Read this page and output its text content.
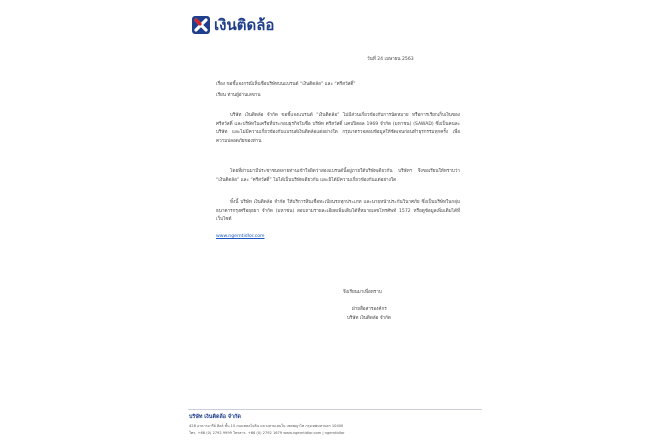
เงินติดล้อ
วันที่ 24 เมษายน 2563
เรื่อง ขอชี้แจงกรณีเห็นชื่อบริษัทบนแบรนด์ “เงินติดล้อ” และ “ศรีสวัสดิ์”
เรียน ท่านผู้อ่านเลขาน

บริษัท เงินติดล้อ จำกัด ขอชี้แจงแบรนด์ “เงินติดล้อ” ไม่มีส่วนเกี่ยวข้องกับการนัดหมาย หรือการเรียกเก็บเงินของศรีสวัสดิ์ และบริษัทในเครือที่ประกอบธุรกิจในชื่อ บริษัท ศรีสวัสดิ์ แคปปิตอล 1969 จำกัด (มหาชน) (SAWAD) ซึ่งเป็นคนละบริษัท และไม่มีความเกี่ยวข้องกับแบรนด์เงินติดล้อแต่อย่างใด กรุณาตรวจสอบข้อมูลให้ชัดเจนก่อนทำธุรกรรมทุกครั้ง เพื่อความปลอดภัยของท่าน

โดยที่ผ่านมามีประชาชนหลายท่านเข้าใจผิดว่าสองแบรนด์นี้อยู่ภายใต้บริษัทเดียวกัน บริษัทฯ จึงขอเรียนให้ทราบว่า “เงินติดล้อ” และ “ศรีสวัสดิ์” ไม่ได้เป็นบริษัทเดียวกัน และมิได้มีความเกี่ยวข้องกันแต่อย่างใด

ทั้งนี้ บริษัท เงินติดล้อ จำกัด ให้บริการสินเชื่อทะเบียนรถทุกประเภท และนายหน้าประกันวินาศภัย ซึ่งเป็นบริษัทในกลุ่มธนาคารกรุงศรีอยุธยา จำกัด (มหาชน) สอบถามรายละเอียดเพิ่มเติมได้ที่หมายเลขโทรศัพท์ 1572 หรือดูข้อมูลเพิ่มเติมได้ที่เว็บไซต์

www.ngerntidlor.com
จึงเรียนมาเพื่อทราบ
ฝ่ายสื่อสารองค์กร
บริษัท เงินติดล้อ จำกัด
บริษัท เงินติดล้อ จำกัด
428 อาคารอารีย์ ฮิลล์ ชั้น 10 ถนนพหลโยธิน แขวงสามเสนใน เขตพญาไท กรุงเทพมหานคร 10400
โทร. +66 (0) 2792 9999 โทรสาร. +66 (0) 2792 1679 www.ngerntidlor.com | ngerntidlor
